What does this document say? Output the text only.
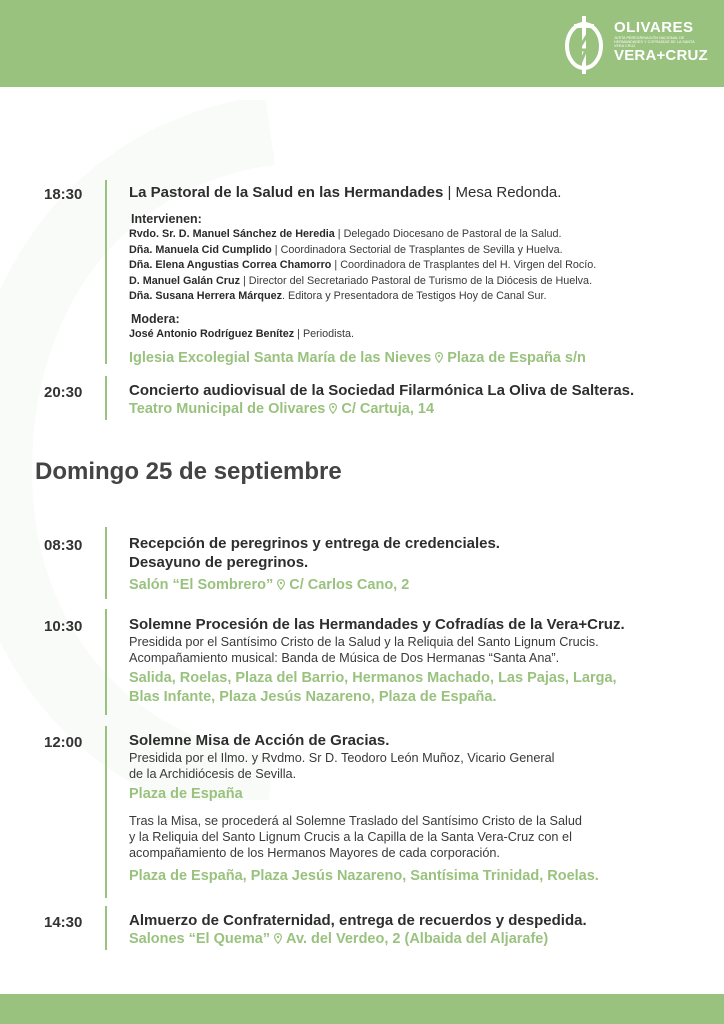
OLIVARES
JUSTA PEREGRINACIÓN NACIONAL DE HERMANDADES Y COFRADÍAS DE LA SANTA VERA CRUZ
VERA+CRUZ
18:30	La Pastoral de la Salud en las Hermandades | Mesa Redonda.
Intervienen:
Rvdo. Sr. D. Manuel Sánchez de Heredia | Delegado Diocesano de Pastoral de la Salud.
Dña. Manuela Cid Cumplido | Coordinadora Sectorial de Trasplantes de Sevilla y Huelva.
Dña. Elena Angustias Correa Chamorro | Coordinadora de Trasplantes del H. Virgen del Rocío.
D. Manuel Galán Cruz | Director del Secretariado Pastoral de Turismo de la Diócesis de Huelva.
Dña. Susana Herrera Márquez. Editora y Presentadora de Testigos Hoy de Canal Sur.
Modera:
José Antonio Rodríguez Benítez | Periodista.
Iglesia Excolegial Santa María de las Nieves Plaza de España s/n
20:30	Concierto audiovisual de la Sociedad Filarmónica La Oliva de Salteras.
Teatro Municipal de Olivares C/ Cartuja, 14
Domingo 25 de septiembre
08:30	Recepción de peregrinos y entrega de credenciales.
Desayuno de peregrinos.
Salón “El Sombrero” C/ Carlos Cano, 2
10:30	Solemne Procesión de las Hermandades y Cofradías de la Vera+Cruz.
Presidida por el Santísimo Cristo de la Salud y la Reliquia del Santo Lignum Crucis.
Acompañamiento musical: Banda de Música de Dos Hermanas “Santa Ana”.
Salida, Roelas, Plaza del Barrio, Hermanos Machado, Las Pajas, Larga,
Blas Infante, Plaza Jesús Nazareno, Plaza de España.
12:00	Solemne Misa de Acción de Gracias.
Presidida por el Ilmo. y Rvdmo. Sr D. Teodoro León Muñoz, Vicario General
de la Archidiócesis de Sevilla.
Plaza de España
Tras la Misa, se procederá al Solemne Traslado del Santísimo Cristo de la Salud
y la Reliquia del Santo Lignum Crucis a la Capilla de la Santa Vera-Cruz con el
acompañamiento de los Hermanos Mayores de cada corporación.
Plaza de España, Plaza Jesús Nazareno, Santísima Trinidad, Roelas.
14:30	Almuerzo de Confraternidad, entrega de recuerdos y despedida.
Salones “El Quema” Av. del Verdeo, 2 (Albaida del Aljarafe)
